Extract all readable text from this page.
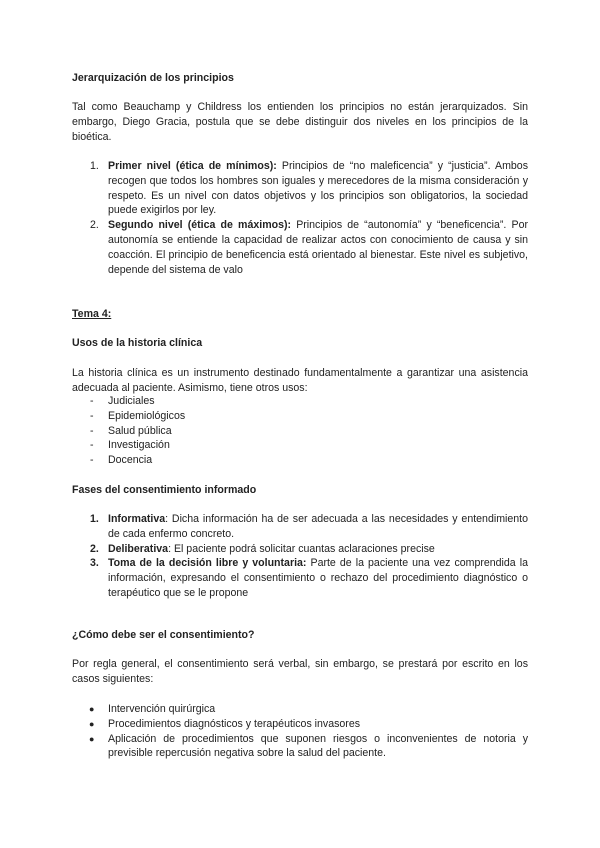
Jerarquización de los principios
Tal como Beauchamp y Childress los entienden los principios no están jerarquizados. Sin embargo, Diego Gracia, postula que se debe distinguir dos niveles en los principios de la bioética.
1. Primer nivel (ética de mínimos): Principios de “no maleficencia” y “justicia”. Ambos recogen que todos los hombres son iguales y merecedores de la misma consideración y respeto. Es un nivel con datos objetivos y los principios son obligatorios, la sociedad puede exigirlos por ley.
2. Segundo nivel (ética de máximos): Principios de “autonomía” y “beneficencia”. Por autonomía se entiende la capacidad de realizar actos con conocimiento de causa y sin coacción. El principio de beneficencia está orientado al bienestar. Este nivel es subjetivo, depende del sistema de valo
Tema 4:
Usos de la historia clínica
La historia clínica es un instrumento destinado fundamentalmente a garantizar una asistencia adecuada al paciente. Asimismo, tiene otros usos:
- Judiciales
- Epidemiológicos
- Salud pública
- Investigación
- Docencia
Fases del consentimiento informado
1. Informativa: Dicha información ha de ser adecuada a las necesidades y entendimiento de cada enfermo concreto.
2. Deliberativa: El paciente podrá solicitar cuantas aclaraciones precise
3. Toma de la decisión libre y voluntaria: Parte de la paciente una vez comprendida la información, expresando el consentimiento o rechazo del procedimiento diagnóstico o terapéutico que se le propone
¿Cómo debe ser el consentimiento?
Por regla general, el consentimiento será verbal, sin embargo, se prestará por escrito en los casos siguientes:
● Intervención quirúrgica
● Procedimientos diagnósticos y terapéuticos invasores
● Aplicación de procedimientos que suponen riesgos o inconvenientes de notoria y previsible repercusión negativa sobre la salud del paciente.
